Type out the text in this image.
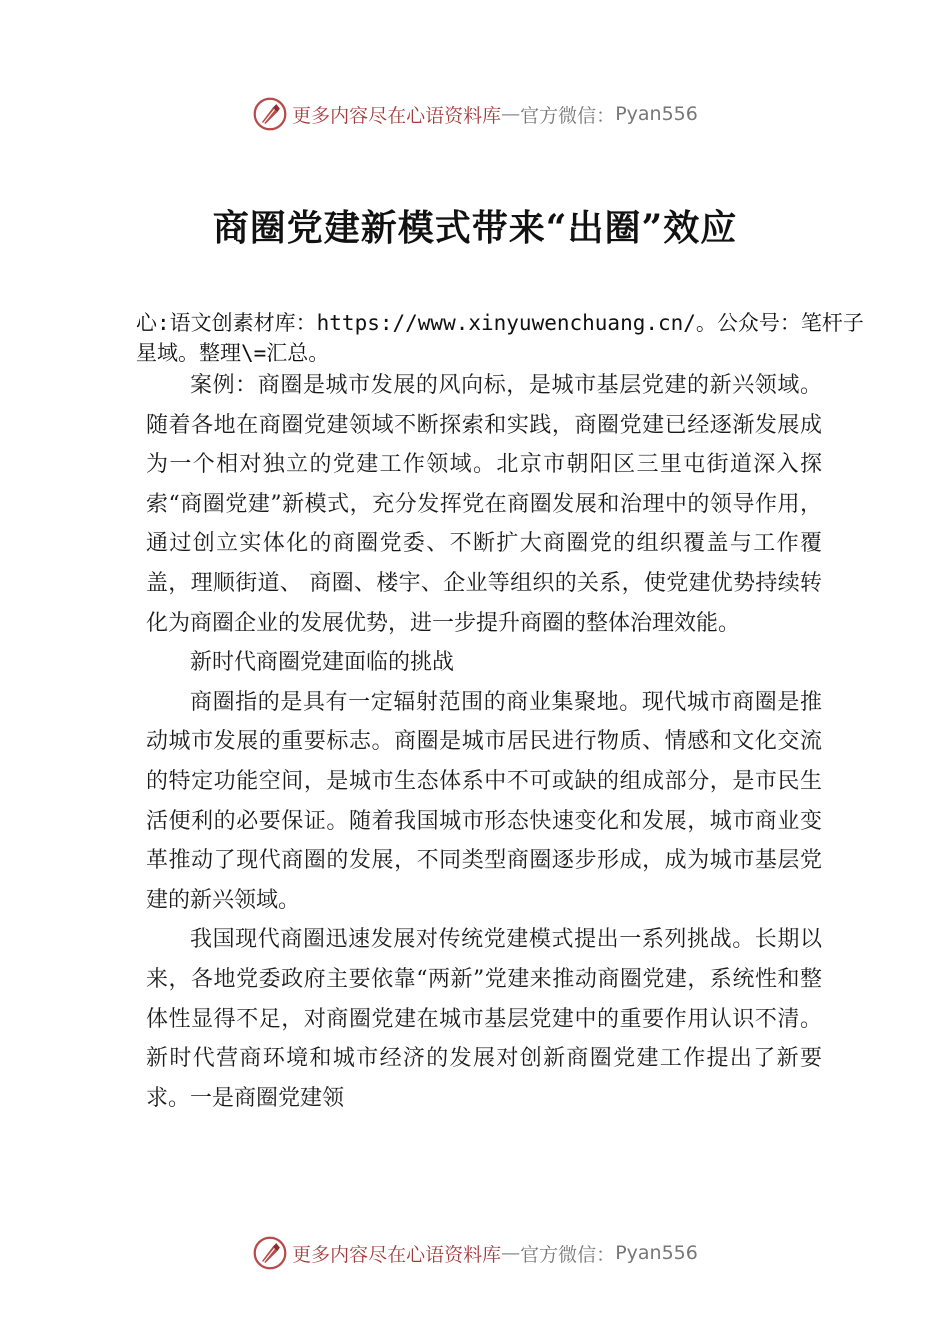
更多内容尽在心语资料库 — 官方微信： Pyan556
商圈党建新模式带来“出圈”效应

心:语文创素材库：https://www.xinyuwenchuang.cn/。公众号：笔杆子星域。整理\=汇总。

案例：商圈是城市发展的风向标，是城市基层党建的新兴领域。随着各地在商圈党建领域不断探索和实践，商圈党建已经逐渐发展成为一个相对独立的党建工作领域。北京市朝阳区三里屯街道深入探索“商圈党建”新模式，充分发挥党在商圈发展和治理中的领导作用，通过创立实体化的商圈党委、不断扩大商圈党的组织覆盖与工作覆盖，理顺街道、 商圈、楼宇、企业等组织的关系，使党建优势持续转化为商圈企业的发展优势，进一步提升商圈的整体治理效能。

新时代商圈党建面临的挑战

商圈指的是具有一定辐射范围的商业集聚地。现代城市商圈是推动城市发展的重要标志。商圈是城市居民进行物质、情感和文化交流的特定功能空间，是城市生态体系中不可或缺的组成部分，是市民生活便利的必要保证。随着我国城市形态快速变化和发展，城市商业变革推动了现代商圈的发展，不同类型商圈逐步形成，成为城市基层党建的新兴领域。

我国现代商圈迅速发展对传统党建模式提出一系列挑战。长期以来，各地党委政府主要依靠“两新”党建来推动商圈党建，系统性和整体性显得不足，对商圈党建在城市基层党建中的重要作用认识不清。新时代营商环境和城市经济的发展对创新商圈党建工作提出了新要求。一是商圈党建领

更多内容尽在心语资料库 — 官方微信： Pyan556
